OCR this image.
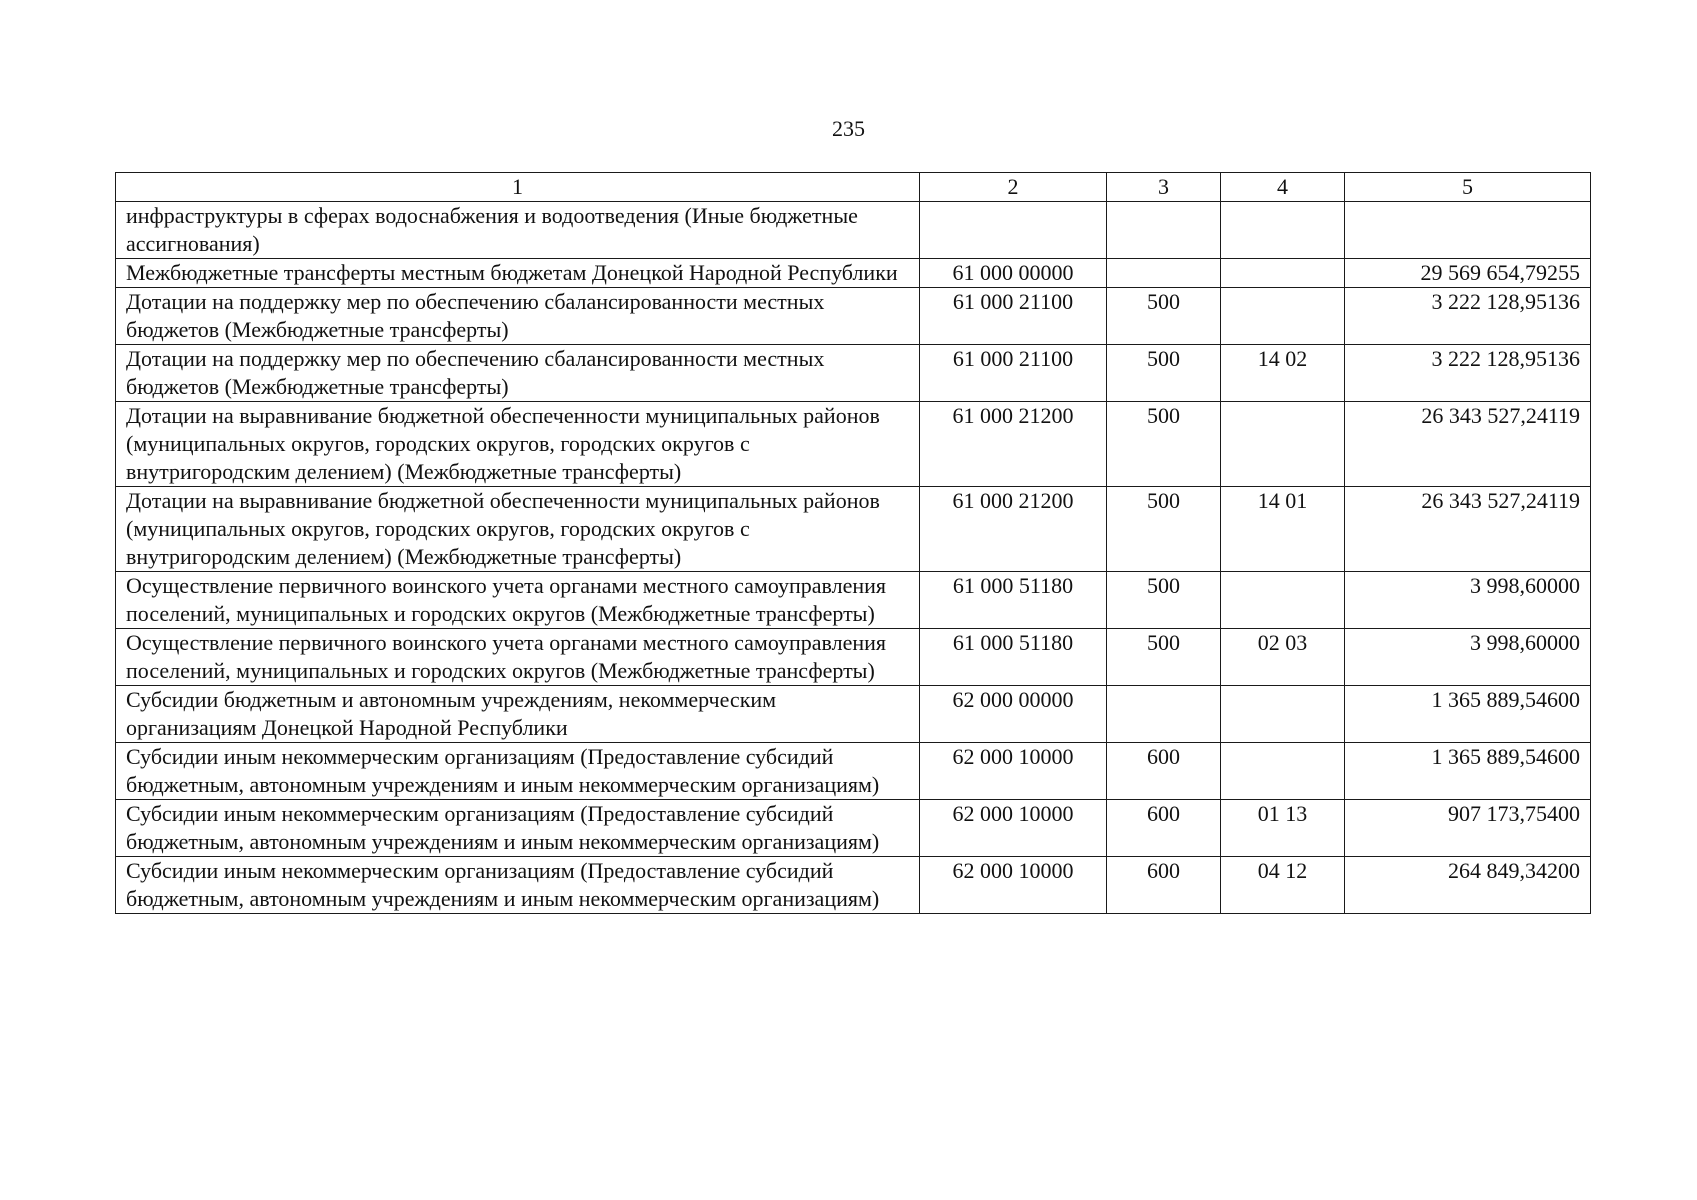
235
1	2	3	4	5
инфраструктуры в сферах водоснабжения и водоотведения (Иные бюджетные ассигнования)				
Межбюджетные трансферты местным бюджетам Донецкой Народной Республики	61 000 00000			29 569 654,79255
Дотации на поддержку мер по обеспечению сбалансированности местных бюджетов (Межбюджетные трансферты)	61 000 21100	500		3 222 128,95136
Дотации на поддержку мер по обеспечению сбалансированности местных бюджетов (Межбюджетные трансферты)	61 000 21100	500	14 02	3 222 128,95136
Дотации на выравнивание бюджетной обеспеченности муниципальных районов (муниципальных округов, городских округов, городских округов с внутригородским делением) (Межбюджетные трансферты)	61 000 21200	500		26 343 527,24119
Дотации на выравнивание бюджетной обеспеченности муниципальных районов (муниципальных округов, городских округов, городских округов с внутригородским делением) (Межбюджетные трансферты)	61 000 21200	500	14 01	26 343 527,24119
Осуществление первичного воинского учета органами местного самоуправления поселений, муниципальных и городских округов (Межбюджетные трансферты)	61 000 51180	500		3 998,60000
Осуществление первичного воинского учета органами местного самоуправления поселений, муниципальных и городских округов (Межбюджетные трансферты)	61 000 51180	500	02 03	3 998,60000
Субсидии бюджетным и автономным учреждениям, некоммерческим организациям Донецкой Народной Республики	62 000 00000			1 365 889,54600
Субсидии иным некоммерческим организациям (Предоставление субсидий бюджетным, автономным учреждениям и иным некоммерческим организациям)	62 000 10000	600		1 365 889,54600
Субсидии иным некоммерческим организациям (Предоставление субсидий бюджетным, автономным учреждениям и иным некоммерческим организациям)	62 000 10000	600	01 13	907 173,75400
Субсидии иным некоммерческим организациям (Предоставление субсидий бюджетным, автономным учреждениям и иным некоммерческим организациям)	62 000 10000	600	04 12	264 849,34200
